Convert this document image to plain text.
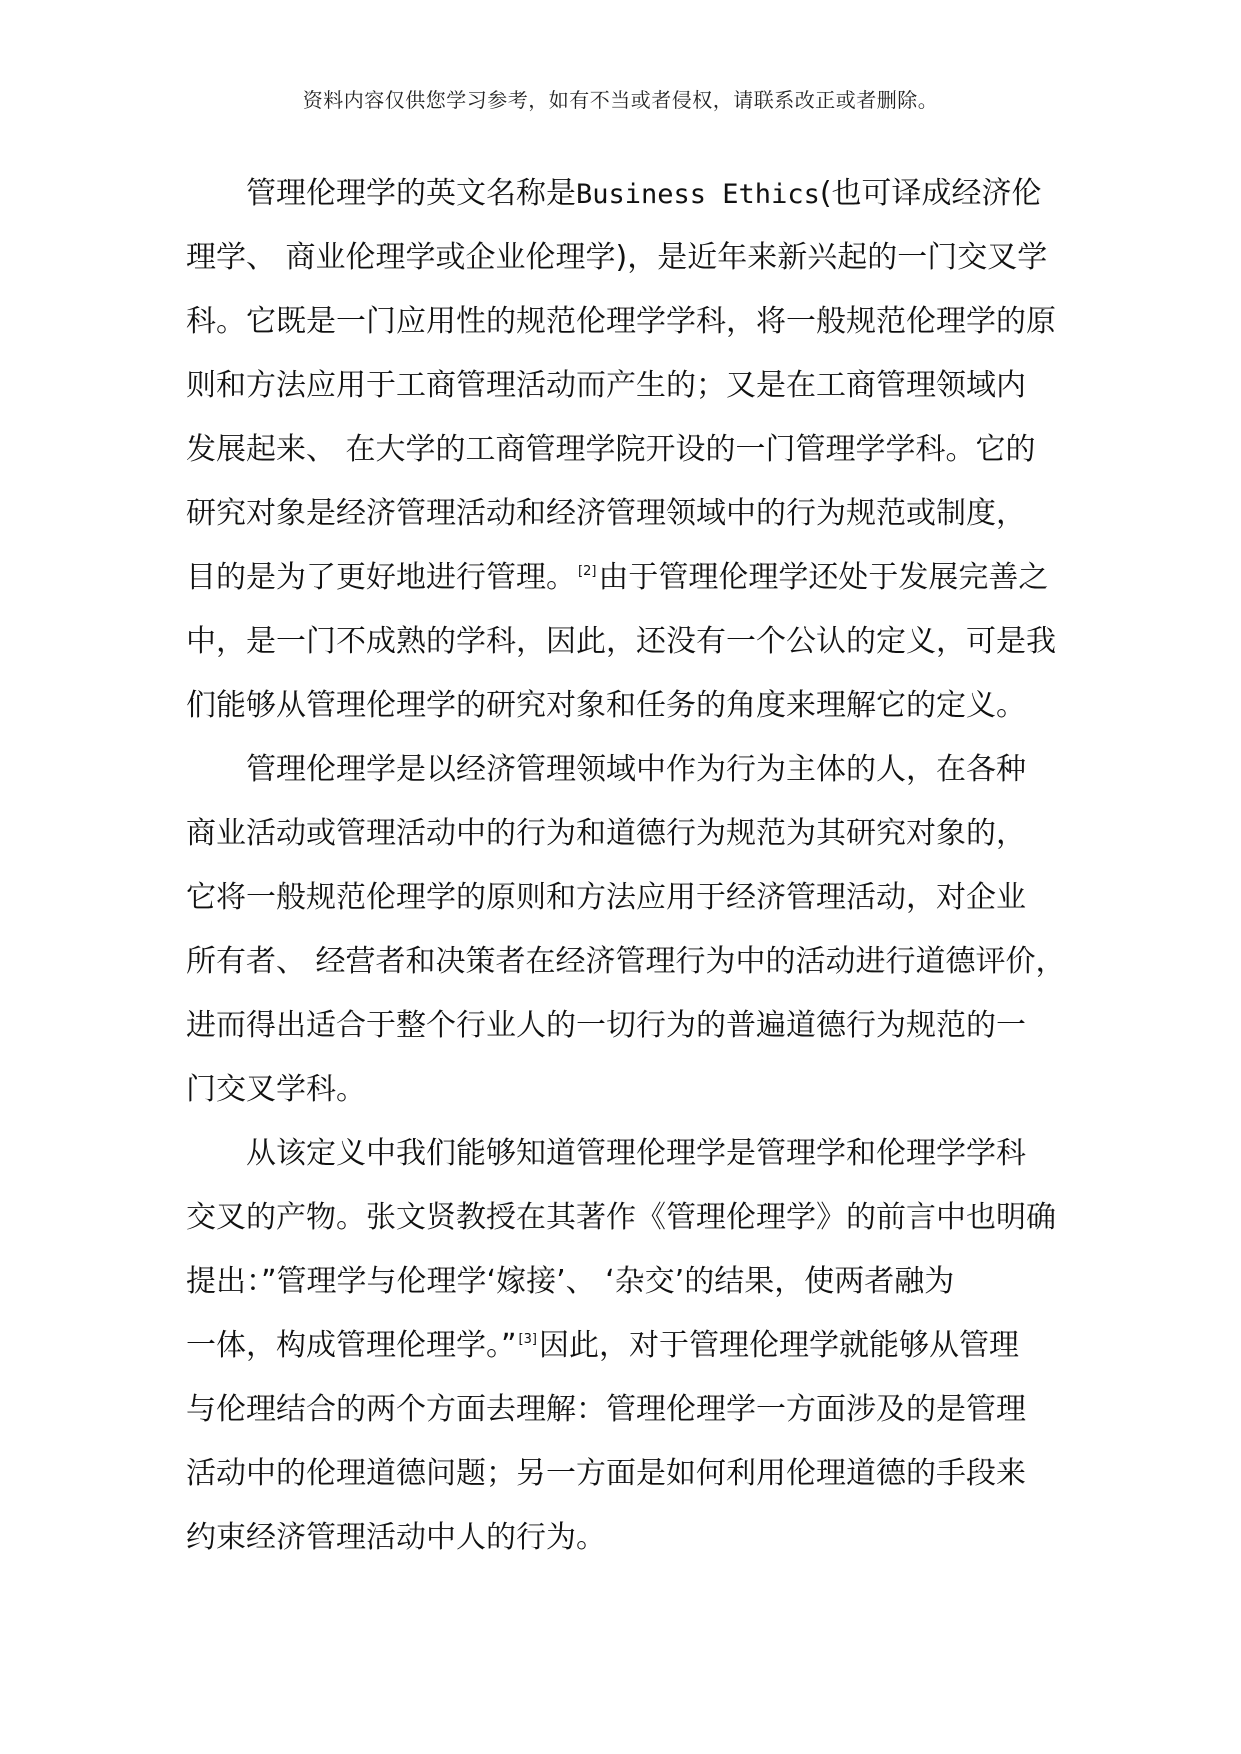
资料内容仅供您学习参考，如有不当或者侵权，请联系改正或者删除。
管理伦理学的英文名称是Business Ethics(也可译成经济伦
理学、 商业伦理学或企业伦理学)，是近年来新兴起的一门交叉学
科。它既是一门应用性的规范伦理学学科，将一般规范伦理学的原
则和方法应用于工商管理活动而产生的；又是在工商管理领域内
发展起来、 在大学的工商管理学院开设的一门管理学学科。它的
研究对象是经济管理活动和经济管理领域中的行为规范或制度，
目的是为了更好地进行管理。 [2]由于管理伦理学还处于发展完善之
中，是一门不成熟的学科，因此，还没有一个公认的定义，可是我
们能够从管理伦理学的研究对象和任务的角度来理解它的定义。
管理伦理学是以经济管理领域中作为行为主体的人，在各种
商业活动或管理活动中的行为和道德行为规范为其研究对象的，
它将一般规范伦理学的原则和方法应用于经济管理活动，对企业
所有者、 经营者和决策者在经济管理行为中的活动进行道德评价，
进而得出适合于整个行业人的一切行为的普遍道德行为规范的一
门交叉学科。
从该定义中我们能够知道管理伦理学是管理学和伦理学学科
交叉的产物。张文贤教授在其著作《管理伦理学》的前言中也明确
提出：”管理学与伦理学‘嫁接’、 ‘杂交’的结果，使两者融为
一体，构成管理伦理学。” [3]因此，对于管理伦理学就能够从管理
与伦理结合的两个方面去理解：管理伦理学一方面涉及的是管理
活动中的伦理道德问题；另一方面是如何利用伦理道德的手段来
约束经济管理活动中人的行为。
